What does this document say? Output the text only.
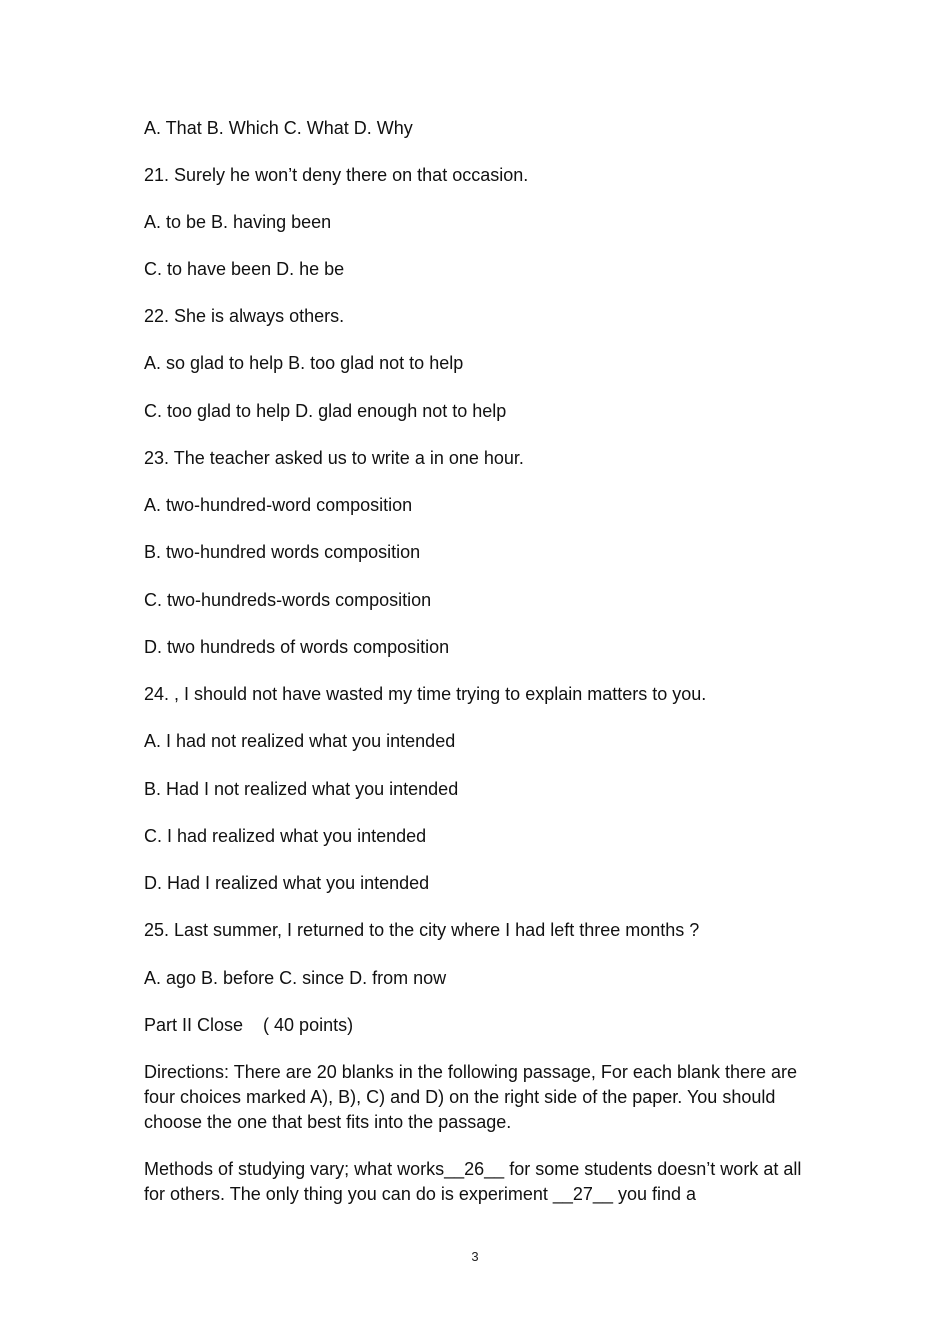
A. That B. Which C. What D. Why

21. Surely he won’t deny there on that occasion.

A. to be B. having been

C. to have been D. he be

22. She is always others.

A. so glad to help B. too glad not to help

C. too glad to help D. glad enough not to help

23. The teacher asked us to write a in one hour.

A. two-hundred-word composition

B. two-hundred words composition

C. two-hundreds-words composition

D. two hundreds of words composition

24. , I should not have wasted my time trying to explain matters to you.

A. I had not realized what you intended

B. Had I not realized what you intended

C. I had realized what you intended

D. Had I realized what you intended

25. Last summer, I returned to the city where I had left three months ?

A. ago B. before C. since D. from now

Part II Close    ( 40 points)

Directions: There are 20 blanks in the following passage, For each blank there are four choices marked A), B), C) and D) on the right side of the paper. You should choose the one that best fits into the passage.

Methods of studying vary; what works__26__ for some students doesn’t work at all for others. The only thing you can do is experiment __27__ you find a

3
